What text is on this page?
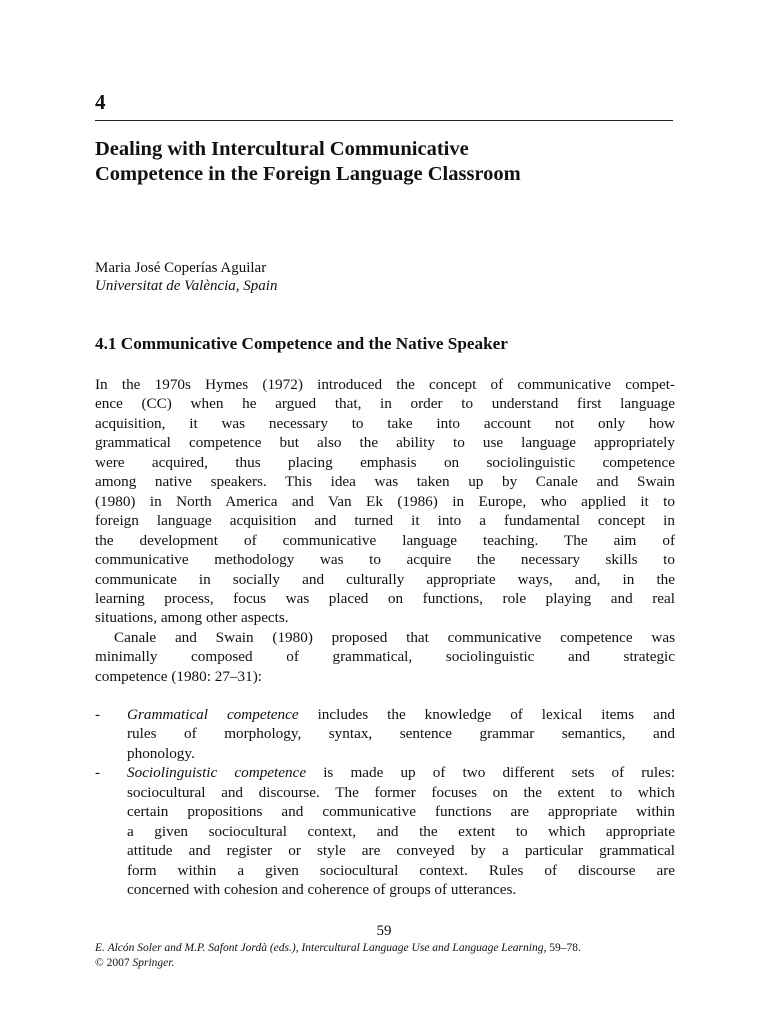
4
Dealing with Intercultural Communicative
Competence in the Foreign Language Classroom
Maria José Coperías Aguilar
Universitat de València, Spain
4.1 Communicative Competence and the Native Speaker

In the 1970s Hymes (1972) introduced the concept of communicative compet-
ence (CC) when he argued that, in order to understand first language
acquisition, it was necessary to take into account not only how
grammatical competence but also the ability to use language appropriately
were acquired, thus placing emphasis on sociolinguistic competence
among native speakers. This idea was taken up by Canale and Swain
(1980) in North America and Van Ek (1986) in Europe, who applied it to
foreign language acquisition and turned it into a fundamental concept in
the development of communicative language teaching. The aim of
communicative methodology was to acquire the necessary skills to
communicate in socially and culturally appropriate ways, and, in the
learning process, focus was placed on functions, role playing and real
situations, among other aspects.

Canale and Swain (1980) proposed that communicative competence was
minimally composed of grammatical, sociolinguistic and strategic
competence (1980: 27–31):

- Grammatical competence includes the knowledge of lexical items and
rules of morphology, syntax, sentence grammar semantics, and
phonology.
- Sociolinguistic competence is made up of two different sets of rules:
sociocultural and discourse. The former focuses on the extent to which
certain propositions and communicative functions are appropriate within
a given sociocultural context, and the extent to which appropriate
attitude and register or style are conveyed by a particular grammatical
form within a given sociocultural context. Rules of discourse are
concerned with cohesion and coherence of groups of utterances.
59
E. Alcón Soler and M.P. Safont Jordà (eds.), Intercultural Language Use and Language Learning, 59–78.
© 2007 Springer.
